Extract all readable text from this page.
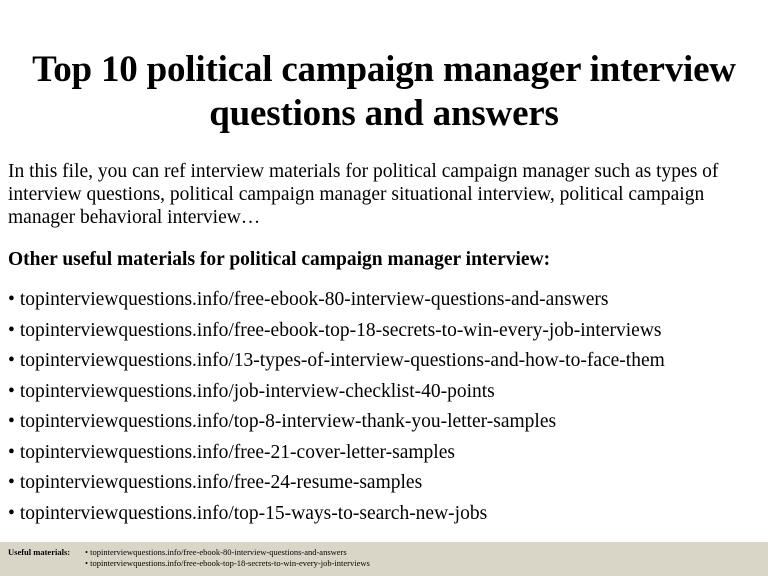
Top 10 political campaign manager interview
questions and answers
In this file, you can ref interview materials for political campaign manager such as types of interview questions, political campaign manager situational interview, political campaign manager behavioral interview…
Other useful materials for political campaign manager interview:
• topinterviewquestions.info/free-ebook-80-interview-questions-and-answers
• topinterviewquestions.info/free-ebook-top-18-secrets-to-win-every-job-interviews
• topinterviewquestions.info/13-types-of-interview-questions-and-how-to-face-them
• topinterviewquestions.info/job-interview-checklist-40-points
• topinterviewquestions.info/top-8-interview-thank-you-letter-samples
• topinterviewquestions.info/free-21-cover-letter-samples
• topinterviewquestions.info/free-24-resume-samples
• topinterviewquestions.info/top-15-ways-to-search-new-jobs
Useful materials: • topinterviewquestions.info/free-ebook-80-interview-questions-and-answers
• topinterviewquestions.info/free-ebook-top-18-secrets-to-win-every-job-interviews
